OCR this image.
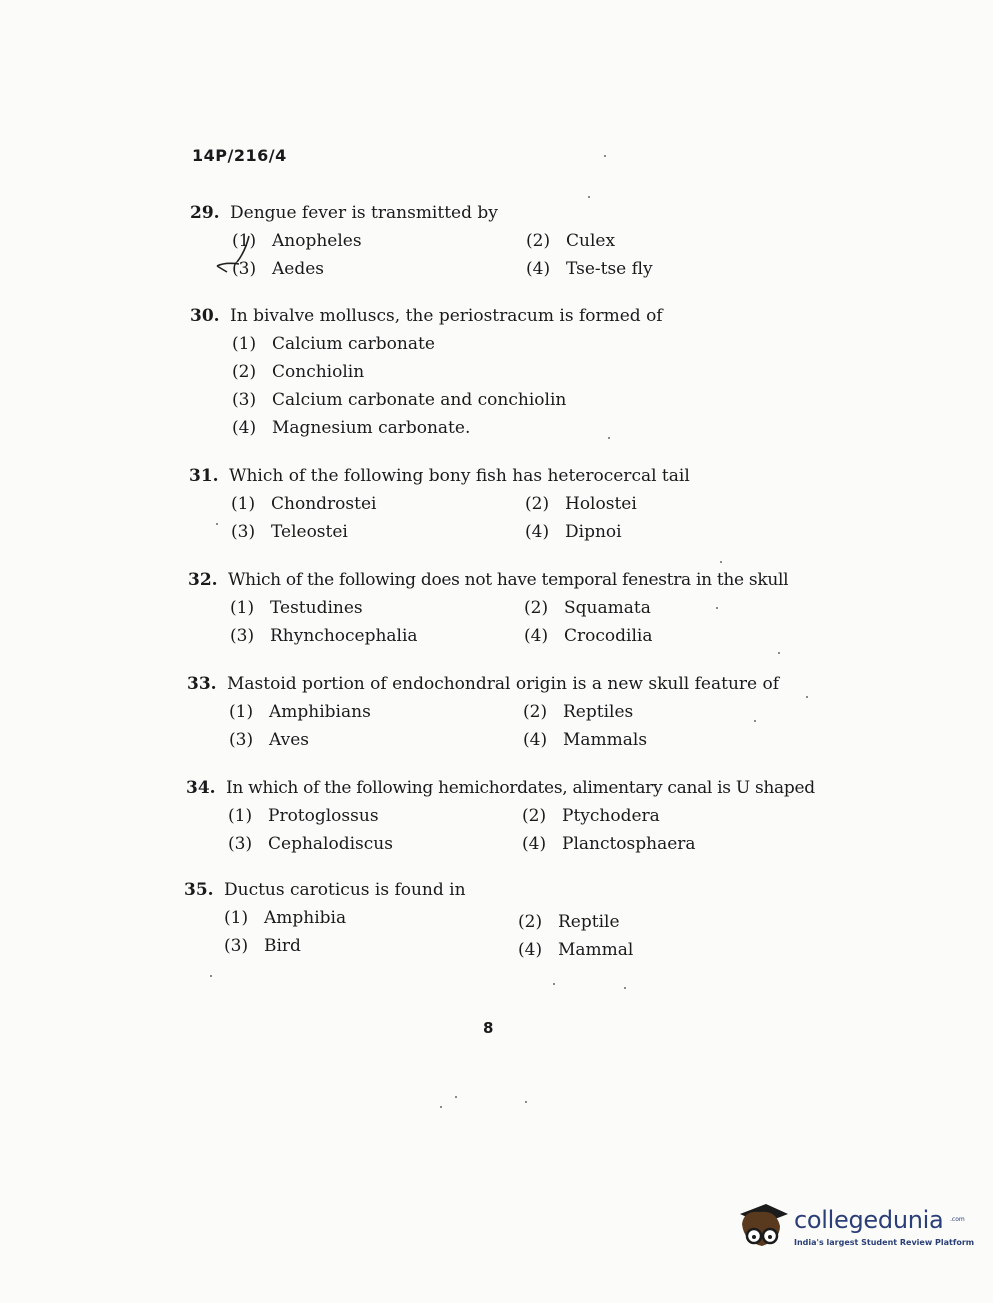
14P/216/4
29. Dengue fever is transmitted by
(1) Anopheles	(2) Culex
(3) Aedes	(4) Tse-tse fly
30. In bivalve molluscs, the periostracum is formed of
(1) Calcium carbonate
(2) Conchiolin
(3) Calcium carbonate and conchiolin
(4) Magnesium carbonate.
31. Which of the following bony fish has heterocercal tail
(1) Chondrostei	(2) Holostei
(3) Teleostei	(4) Dipnoi
32. Which of the following does not have temporal fenestra in the skull
(1) Testudines	(2) Squamata
(3) Rhynchocephalia	(4) Crocodilia
33. Mastoid portion of endochondral origin is a new skull feature of
(1) Amphibians	(2) Reptiles
(3) Aves	(4) Mammals
34. In which of the following hemichordates, alimentary canal is U shaped
(1) Protoglossus	(2) Ptychodera
(3) Cephalodiscus	(4) Planctosphaera
35. Ductus caroticus is found in
(1) Amphibia	(2) Reptile
(3) Bird	(4) Mammal
8
collegedunia .com
India's largest Student Review Platform
